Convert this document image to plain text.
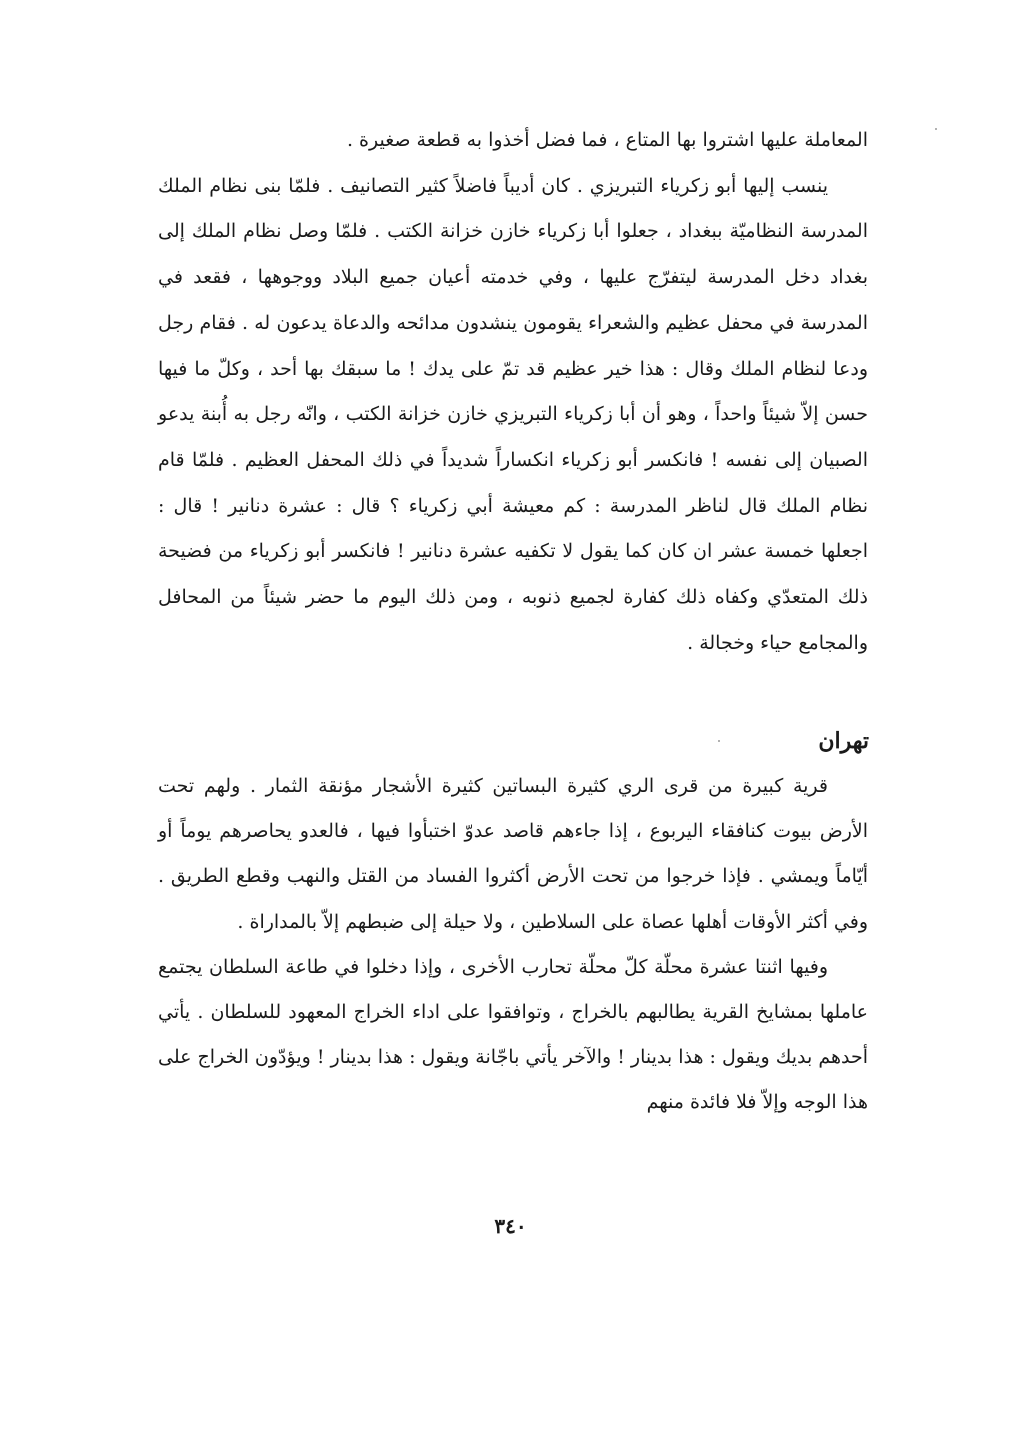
المعاملة عليها اشتروا بها المتاع ، فما فضل أخذوا به قطعة صغيرة .

ينسب إليها أبو زكرياء التبريزي . كان أديباً فاضلاً كثير التصانيف . فلمّا بنى نظام الملك المدرسة النظاميّة ببغداد ، جعلوا أبا زكرياء خازن خزانة الكتب . فلمّا وصل نظام الملك إلى بغداد دخل المدرسة ليتفرّج عليها ، وفي خدمته أعيان جميع البلاد ووجوهها ، فقعد في المدرسة في محفل عظيم والشعراء يقومون ينشدون مدائحه والدعاة يدعون له . فقام رجل ودعا لنظام الملك وقال : هذا خير عظيم قد تمّ على يدك ! ما سبقك بها أحد ، وكلّ ما فيها حسن إلاّ شيئاً واحداً ، وهو أن أبا زكرياء التبريزي خازن خزانة الكتب ، وانّه رجل به أُبنة يدعو الصبيان إلى نفسه ! فانكسر أبو زكرياء انكساراً شديداً في ذلك المحفل العظيم . فلمّا قام نظام الملك قال لناظر المدرسة : كم معيشة أبي زكرياء ؟ قال : عشرة دنانير ! قال : اجعلها خمسة عشر ان كان كما يقول لا تكفيه عشرة دنانير ! فانكسر أبو زكرياء من فضيحة ذلك المتعدّي وكفاه ذلك كفارة لجميع ذنوبه ، ومن ذلك اليوم ما حضر شيئاً من المحافل والمجامع حياء وخجالة .

تهران

قرية كبيرة من قرى الري كثيرة البساتين كثيرة الأشجار مؤنقة الثمار . ولهم تحت الأرض بيوت كنافقاء اليربوع ، إذا جاءهم قاصد عدوّ اختبأوا فيها ، فالعدو يحاصرهم يوماً أو أيّاماً ويمشي . فإذا خرجوا من تحت الأرض أكثروا الفساد من القتل والنهب وقطع الطريق . وفي أكثر الأوقات أهلها عصاة على السلاطين ، ولا حيلة إلى ضبطهم إلاّ بالمداراة .

وفيها اثنتا عشرة محلّة كلّ محلّة تحارب الأخرى ، وإذا دخلوا في طاعة السلطان يجتمع عاملها بمشايخ القرية يطالبهم بالخراج ، وتوافقوا على اداء الخراج المعهود للسلطان . يأتي أحدهم بديك ويقول : هذا بدينار ! والآخر يأتي باجّانة ويقول : هذا بدينار ! ويؤدّون الخراج على هذا الوجه وإلاّ فلا فائدة منهم

٣٤٠
